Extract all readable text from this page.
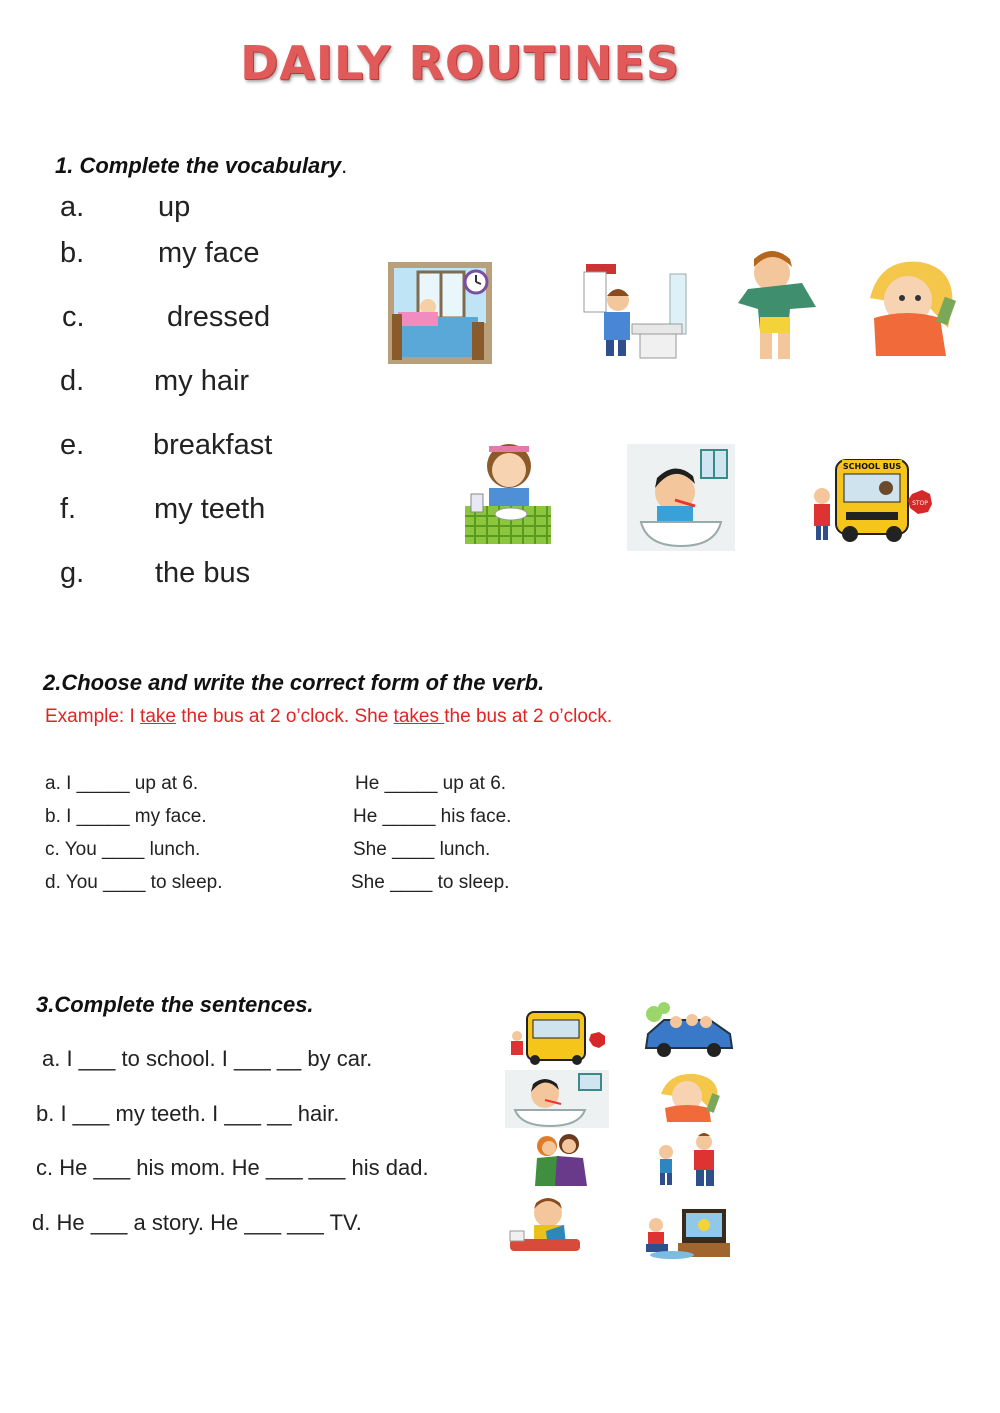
DAILY ROUTINES
1. Complete the vocabulary.
a.	up
b.	my face
c.	dressed
d. my hair
e. breakfast
f.	my teeth
g. the bus
SCHOOL BUS
STOP
2.Choose and write the correct form of the verb.
Example: I take the bus at 2 o’clock. She takes the bus at 2 o’clock.
a. I _____ up at 6.	He _____ up at 6.
b. I _____ my face.	He _____ his face.
c. You ____ lunch.	She ____ lunch.
d. You ____ to sleep.	She ____ to sleep.
3.Complete the sentences.
a. I ___ to school. I ___ __ by car.
b. I ___ my teeth. I ___ __ hair.
c. He ___ his mom. He ___ ___ his dad.
d. He ___ a story. He ___ ___ TV.
